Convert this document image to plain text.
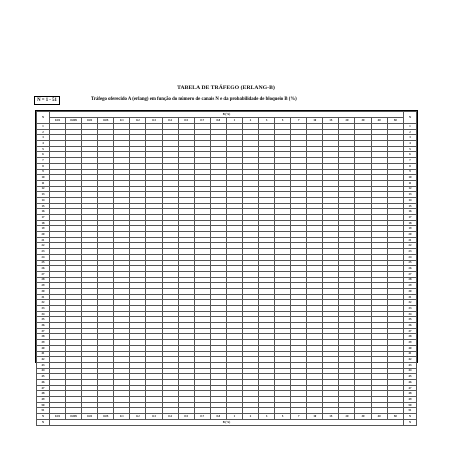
TABELA DE TRÁFEGO (ERLANG-B)
N = 1 - 51	Tráfego oferecido A (erlang) em função do número de canais N e da probabilidade de bloqueio B (%)
N	B (%)																						N
	0.01	0.005	0.01	0.05	0.1	0.2	0.3	0.4	0.5	0.7	0.8	1	2	3	5	7	10	15	20	30	40	50	
1																							1
2																							2
3																							3
4																							4
5																							5
6																							6
7																							7
8																							8
9																							9
10																							10
11																							11
12																							12
13																							13
14																							14
15																							15
16																							16
17																							17
18																							18
19																							19
20																							20
21																							21
22																							22
23																							23
24																							24
25																							25
26																							26
27																							27
28																							28
29																							29
30																							30
31																							31
32																							32
33																							33
34																							34
35																							35
36																							36
37																							37
38																							38
39																							39
40																							40
41																							41
42																							42
43																							43
44																							44
45																							45
46																							46
47																							47
48																							48
49																							49
50																							50
51																							51
N	0.01	0.005	0.01	0.05	0.1	0.2	0.3	0.4	0.5	0.7	0.8	1	2	3	5	7	10	15	20	30	40	50	N
N	B (%)																						N
